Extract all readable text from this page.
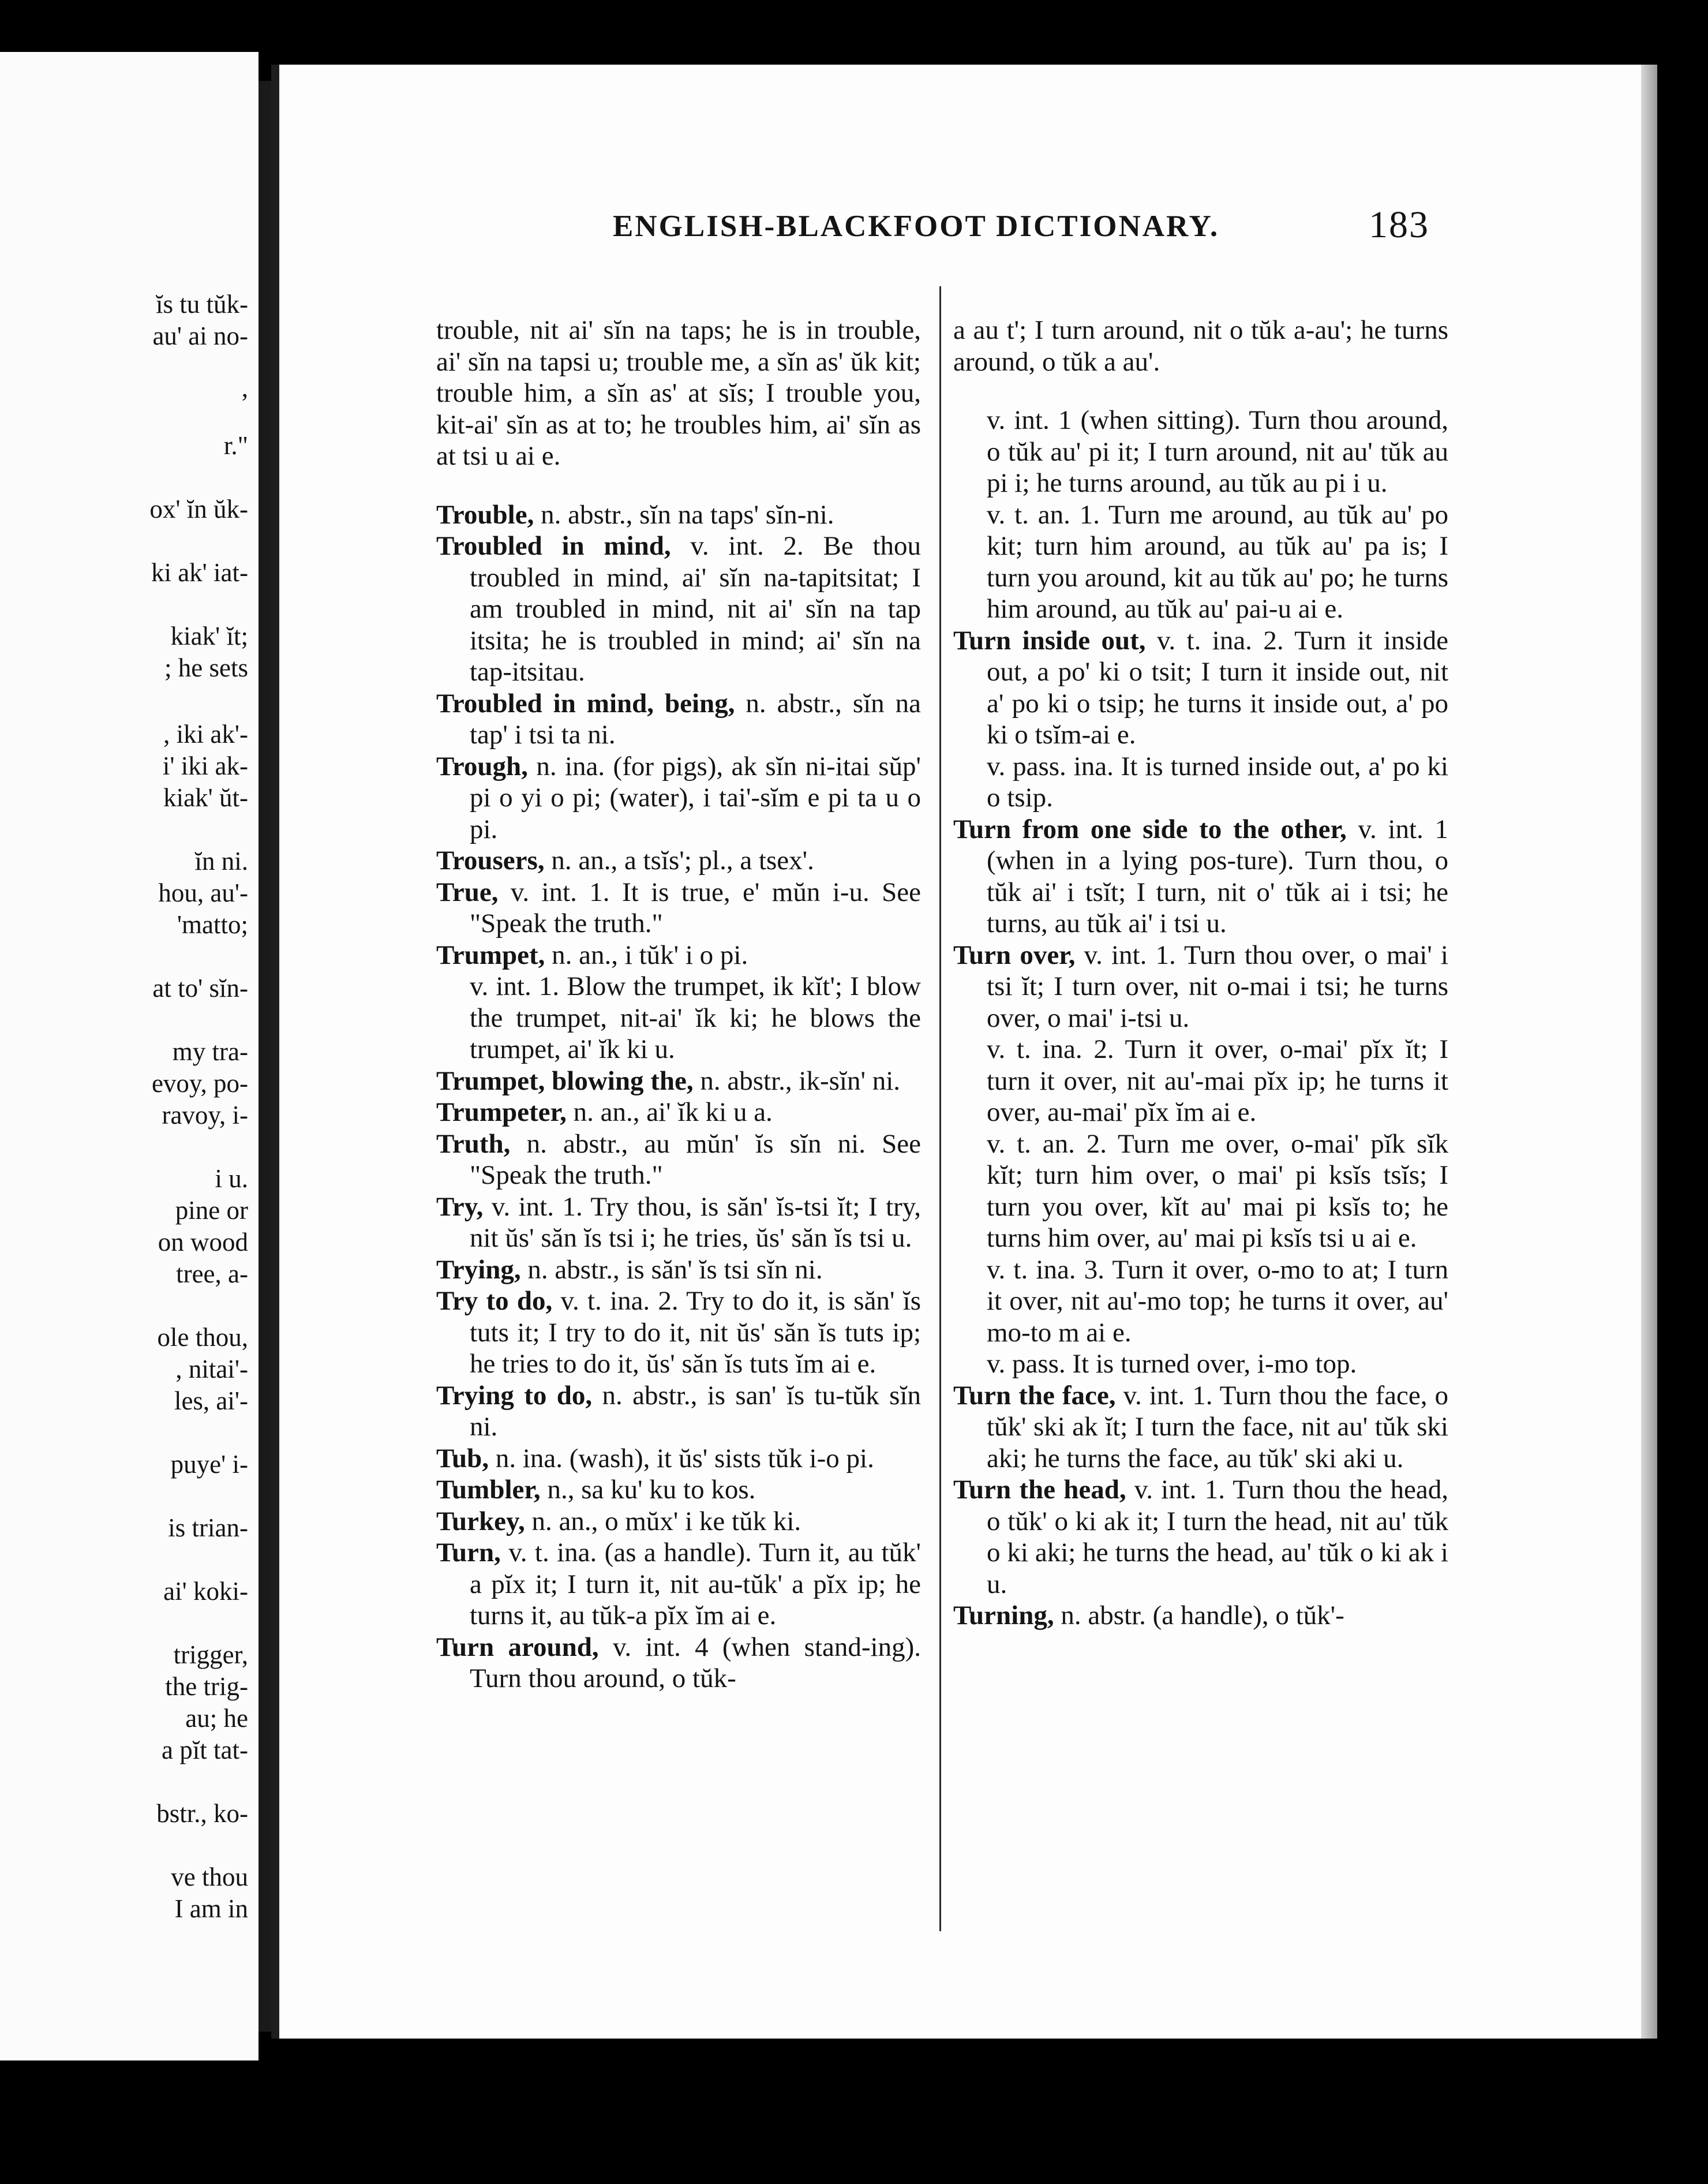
ĭs tu tŭk-
au' ai no-
,
r."
ox' ĭn ŭk-
ki ak' iat-
kiak' ĭt;
; he sets
, iki ak'-
i' iki ak-
kiak' ŭt-
ĭn ni.
hou, au'-
'matto;
at to' sĭn-
my tra-
evoy, po-
ravoy, i-
i u.
pine or
on wood
tree, a-
ole thou,
, nitai'-
les, ai'-
puye' i-
is trian-
ai' koki-
trigger,
the trig-
au; he
a pĭt tat-
bstr., ko-
ve thou
I am in
ENGLISH-BLACKFOOT DICTIONARY.	183

trouble, nit ai' sĭn na taps; he is in trouble, ai' sĭn na tapsi u; trouble me, a sĭn as' ŭk kit; trouble him, a sĭn as' at sĭs; I trouble you, kit-ai' sĭn as at to; he troubles him, ai' sĭn as at tsi u ai e.

Trouble, n. abstr., sĭn na taps' sĭn-ni.

Troubled in mind, v. int. 2. Be thou troubled in mind, ai' sĭn na-tapitsitat; I am troubled in mind, nit ai' sĭn na tap itsita; he is troubled in mind; ai' sĭn na tap-itsitau.

Troubled in mind, being, n. abstr., sĭn na tap' i tsi ta ni.

Trough, n. ina. (for pigs), ak sĭn ni-itai sŭp' pi o yi o pi; (water), i tai'-sĭm e pi ta u o pi.

Trousers, n. an., a tsĭs'; pl., a tsex'.

True, v. int. 1. It is true, e' mŭn i-u. See "Speak the truth."

Trumpet, n. an., i tŭk' i o pi.

v. int. 1. Blow the trumpet, ik kĭt'; I blow the trumpet, nit-ai' ĭk ki; he blows the trumpet, ai' ĭk ki u.

Trumpet, blowing the, n. abstr., ik-sĭn' ni.

Trumpeter, n. an., ai' ĭk ki u a.

Truth, n. abstr., au mŭn' ĭs sĭn ni. See "Speak the truth."

Try, v. int. 1. Try thou, is săn' ĭs-tsi ĭt; I try, nit ŭs' săn ĭs tsi i; he tries, ŭs' săn ĭs tsi u.

Trying, n. abstr., is săn' ĭs tsi sĭn ni.

Try to do, v. t. ina. 2. Try to do it, is săn' ĭs tuts it; I try to do it, nit ŭs' săn ĭs tuts ip; he tries to do it, ŭs' săn ĭs tuts ĭm ai e.

Trying to do, n. abstr., is san' ĭs tu-tŭk sĭn ni.

Tub, n. ina. (wash), it ŭs' sists tŭk i-o pi.

Tumbler, n., sa ku' ku to kos.

Turkey, n. an., o mŭx' i ke tŭk ki.

Turn, v. t. ina. (as a handle). Turn it, au tŭk' a pĭx it; I turn it, nit au-tŭk' a pĭx ip; he turns it, au tŭk-a pĭx ĭm ai e.

Turn around, v. int. 4 (when stand-ing). Turn thou around, o tŭk-

a au t'; I turn around, nit o tŭk a-au'; he turns around, o tŭk a au'.

v. int. 1 (when sitting). Turn thou around, o tŭk au' pi it; I turn around, nit au' tŭk au pi i; he turns around, au tŭk au pi i u.

v. t. an. 1. Turn me around, au tŭk au' po kit; turn him around, au tŭk au' pa is; I turn you around, kit au tŭk au' po; he turns him around, au tŭk au' pai-u ai e.

Turn inside out, v. t. ina. 2. Turn it inside out, a po' ki o tsit; I turn it inside out, nit a' po ki o tsip; he turns it inside out, a' po ki o tsĭm-ai e.

v. pass. ina. It is turned inside out, a' po ki o tsip.

Turn from one side to the other, v. int. 1 (when in a lying pos-ture). Turn thou, o tŭk ai' i tsĭt; I turn, nit o' tŭk ai i tsi; he turns, au tŭk ai' i tsi u.

Turn over, v. int. 1. Turn thou over, o mai' i tsi ĭt; I turn over, nit o-mai i tsi; he turns over, o mai' i-tsi u.

v. t. ina. 2. Turn it over, o-mai' pĭx ĭt; I turn it over, nit au'-mai pĭx ip; he turns it over, au-mai' pĭx ĭm ai e.

v. t. an. 2. Turn me over, o-mai' pĭk sĭk kĭt; turn him over, o mai' pi ksĭs tsĭs; I turn you over, kĭt au' mai pi ksĭs to; he turns him over, au' mai pi ksĭs tsi u ai e.

v. t. ina. 3. Turn it over, o-mo to at; I turn it over, nit au'-mo top; he turns it over, au' mo-to m ai e.

v. pass. It is turned over, i-mo top.

Turn the face, v. int. 1. Turn thou the face, o tŭk' ski ak ĭt; I turn the face, nit au' tŭk ski aki; he turns the face, au tŭk' ski aki u.

Turn the head, v. int. 1. Turn thou the head, o tŭk' o ki ak it; I turn the head, nit au' tŭk o ki aki; he turns the head, au' tŭk o ki ak i u.

Turning, n. abstr. (a handle), o tŭk'-
